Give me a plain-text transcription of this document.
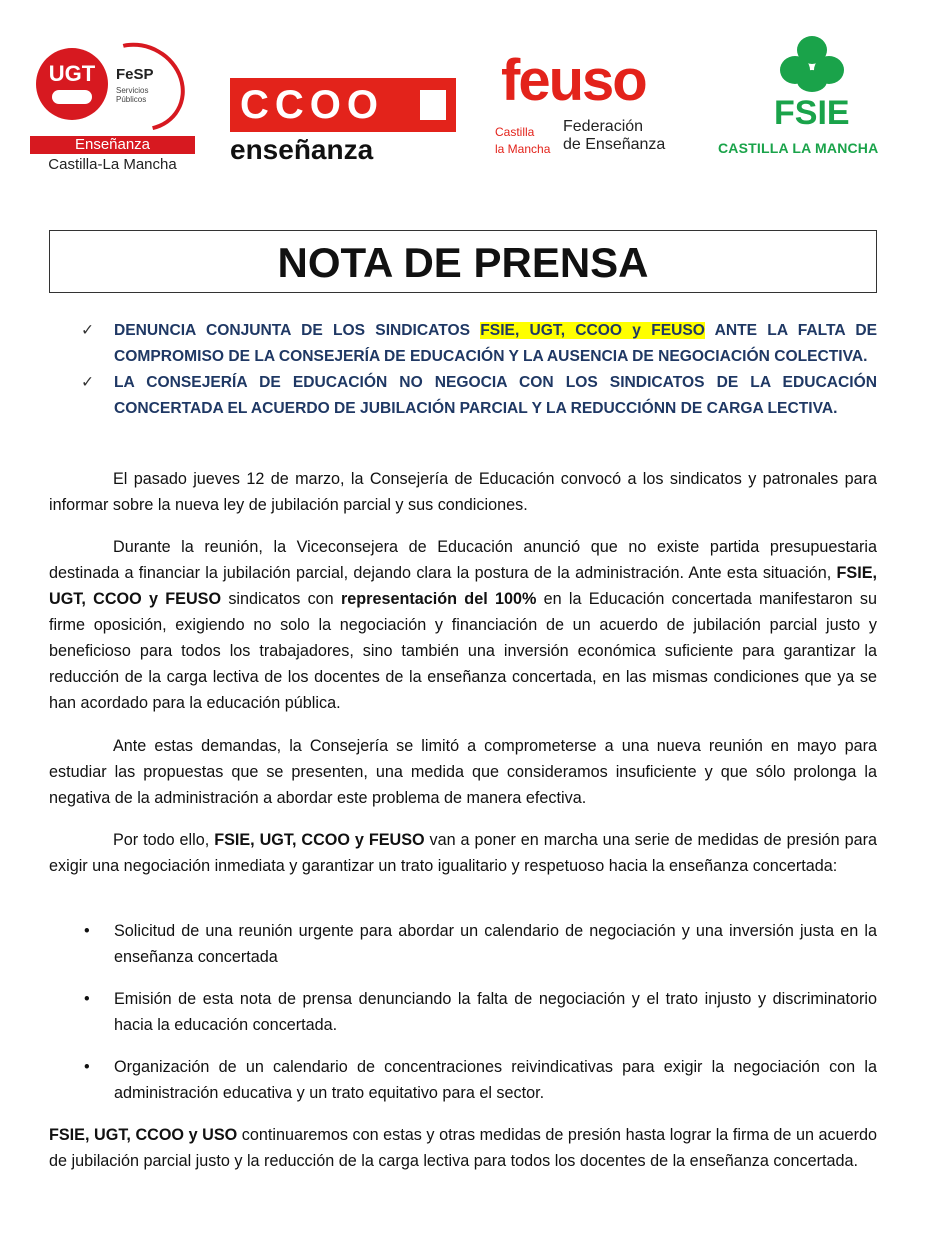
UGT	FeSP
Servicios Públicos
Enseñanza
Castilla-La Mancha
CCOO
enseñanza
feuso
Castilla
la Mancha
Federación
de Enseñanza
FSIE
CASTILLA LA MANCHA
NOTA DE PRENSA
✓ DENUNCIA CONJUNTA DE LOS SINDICATOS FSIE, UGT, CCOO y FEUSO ANTE LA FALTA DE COMPROMISO DE LA CONSEJERÍA DE EDUCACIÓN Y LA AUSENCIA DE NEGOCIACIÓN COLECTIVA.
✓ LA CONSEJERÍA DE EDUCACIÓN NO NEGOCIA CON LOS SINDICATOS DE LA EDUCACIÓN CONCERTADA EL ACUERDO DE JUBILACIÓN PARCIAL Y LA REDUCCIÓNN DE CARGA LECTIVA.

El pasado jueves 12 de marzo, la Consejería de Educación convocó a los sindicatos y patronales para informar sobre la nueva ley de jubilación parcial y sus condiciones.

Durante la reunión, la Viceconsejera de Educación anunció que no existe partida presupuestaria destinada a financiar la jubilación parcial, dejando clara la postura de la administración. Ante esta situación, FSIE, UGT, CCOO y FEUSO sindicatos con representación del 100% en la Educación concertada manifestaron su firme oposición, exigiendo no solo la negociación y financiación de un acuerdo de jubilación parcial justo y beneficioso para todos los trabajadores, sino también una inversión económica suficiente para garantizar la reducción de la carga lectiva de los docentes de la enseñanza concertada, en las mismas condiciones que ya se han acordado para la educación pública.

Ante estas demandas, la Consejería se limitó a comprometerse a una nueva reunión en mayo para estudiar las propuestas que se presenten, una medida que consideramos insuficiente y que sólo prolonga la negativa de la administración a abordar este problema de manera efectiva.

Por todo ello, FSIE, UGT, CCOO y FEUSO van a poner en marcha una serie de medidas de presión para exigir una negociación inmediata y garantizar un trato igualitario y respetuoso hacia la enseñanza concertada:

• Solicitud de una reunión urgente para abordar un calendario de negociación y una inversión justa en la enseñanza concertada
• Emisión de esta nota de prensa denunciando la falta de negociación y el trato injusto y discriminatorio hacia la educación concertada.
• Organización de un calendario de concentraciones reivindicativas para exigir la negociación con la administración educativa y un trato equitativo para el sector.

FSIE, UGT, CCOO y USO continuaremos con estas y otras medidas de presión hasta lograr la firma de un acuerdo de jubilación parcial justo y la reducción de la carga lectiva para todos los docentes de la enseñanza concertada.
